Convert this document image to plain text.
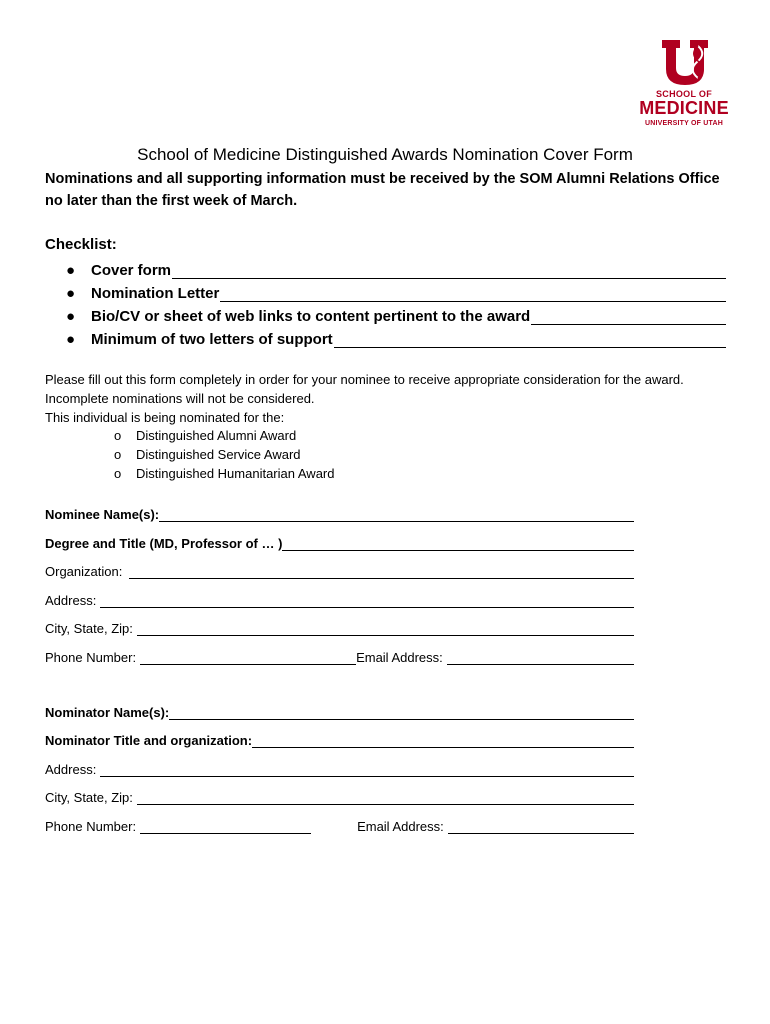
SCHOOL OF
MEDICINE
UNIVERSITY OF UTAH
School of Medicine Distinguished Awards Nomination Cover Form
Nominations and all supporting information must be received by the SOM Alumni Relations Office no later than the first week of March.
Checklist:
●	Cover form
●	Nomination Letter
●	Bio/CV or sheet of web links to content pertinent to the award
●	Minimum of two letters of support
Please fill out this form completely in order for your nominee to receive appropriate consideration for the award. Incomplete nominations will not be considered.
This individual is being nominated for the:
o	Distinguished Alumni Award
o	Distinguished Service Award
o	Distinguished Humanitarian Award
Nominee Name(s):
Degree and Title (MD, Professor of … )
Organization:
Address:
City, State, Zip:
Phone Number:	Email Address:
Nominator Name(s):
Nominator Title and organization:
Address:
City, State, Zip:
Phone Number:	Email Address:
